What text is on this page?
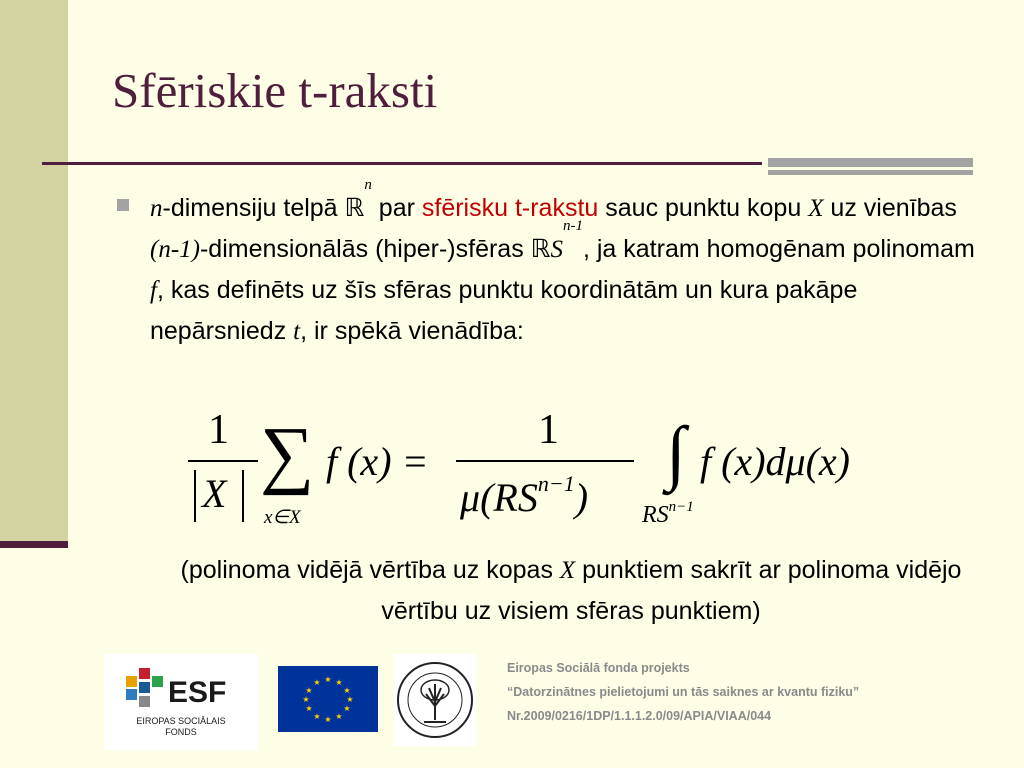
Sfēriskie t-raksti
n-dimensiju telpā ℝ$^n$ par sfērisku t-rakstu sauc punktu kopu X uz vienības (n-1)-dimensionālās (hiper-)sfēras ℝS$^{n-1}$, ja katram homogēnam polinomam f, kas definēts uz šīs sfēras punktu koordinātām un kura pakāpe nepārsniedz t, ir spēkā vienādība:
1
X ∑
x∈X
f (x) =
1
$\mu(RS^{n-1})$
∫
$RS^{n-1}$
f (x)dμ(x)
(polinoma vidējā vērtība uz kopas X punktiem sakrīt ar polinoma vidējo vērtību uz visiem sfēras punktiem)
ESF
EIROPAS SOCIĀLAIS
FONDS
★ ★
★
★
★
★
★
★
★
★
★
★
Eiropas Sociālā fonda projekts
“Datorzinātnes pielietojumi un tās saiknes ar kvantu fiziku”
Nr.2009/0216/1DP/1.1.1.2.0/09/APIA/VIAA/044
